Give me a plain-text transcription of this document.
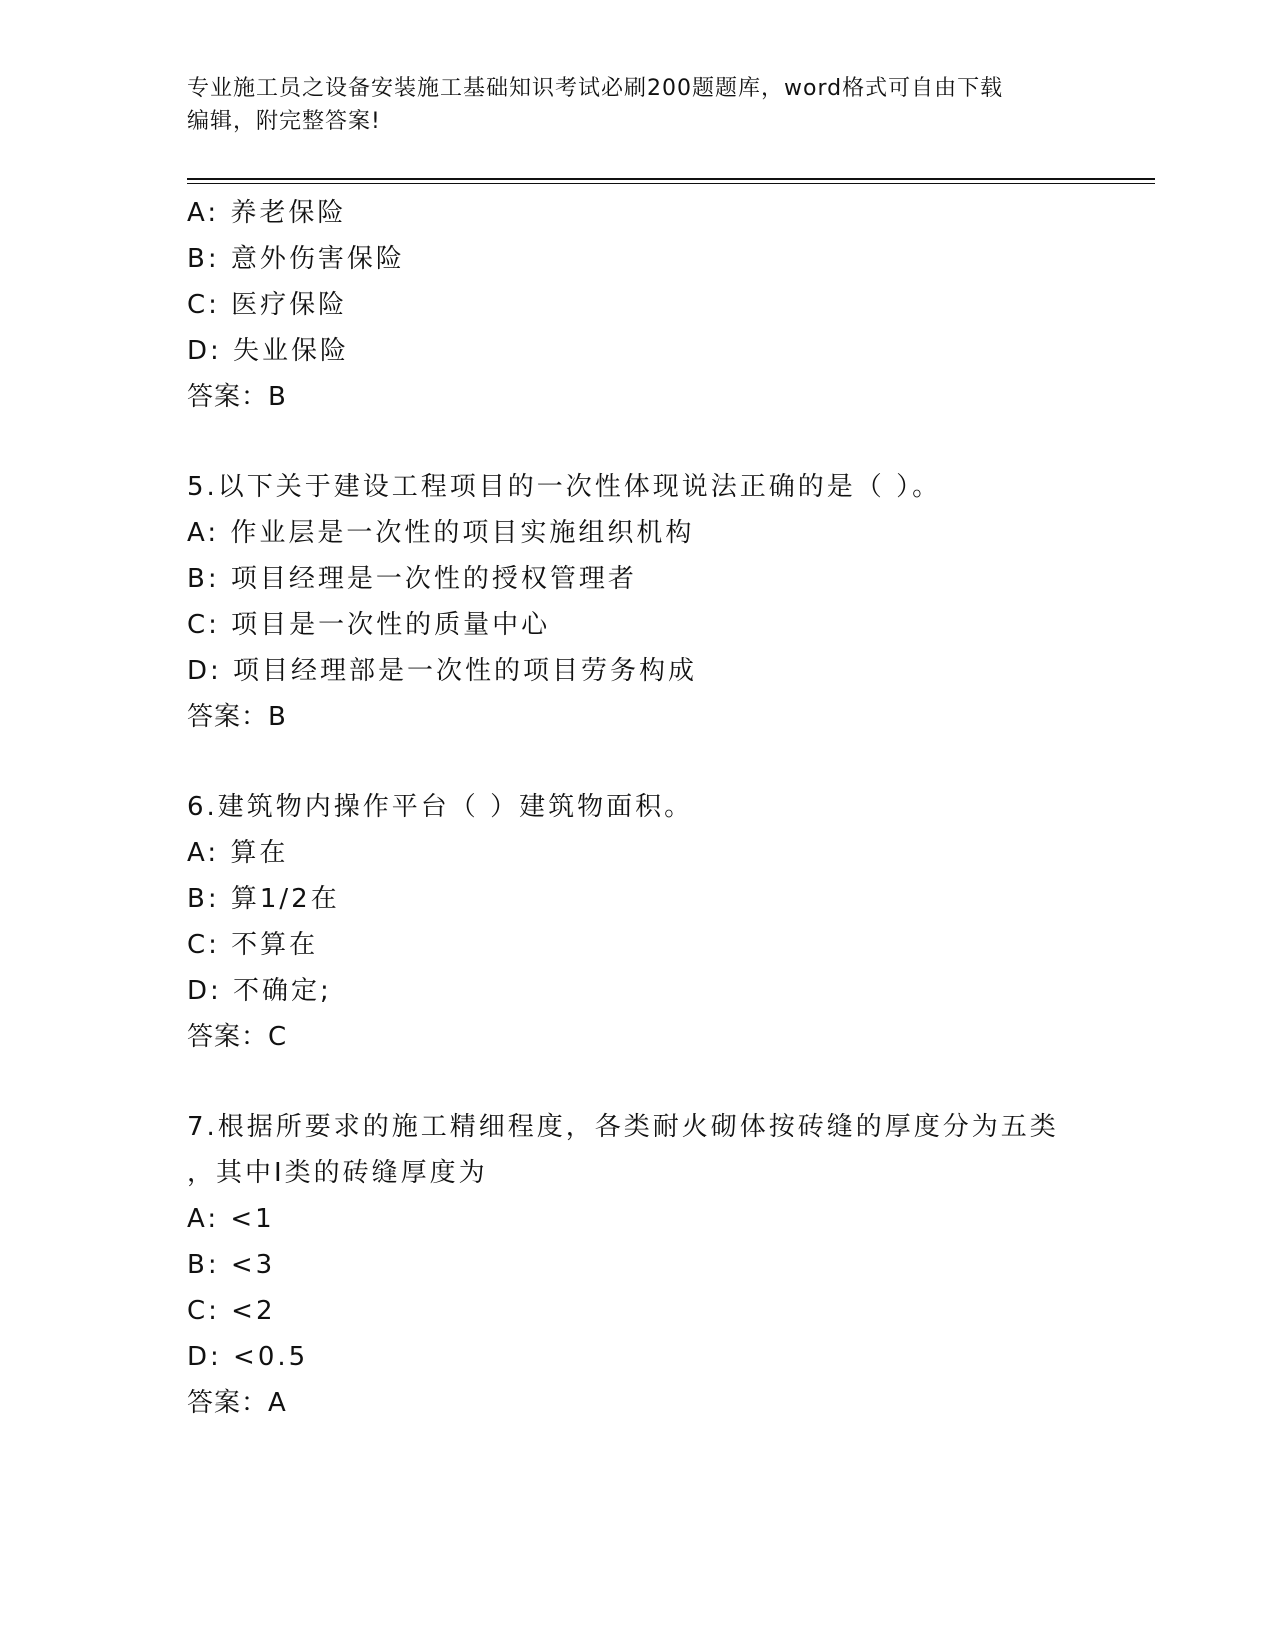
专业施工员之设备安装施工基础知识考试必刷200题题库，word格式可自由下载
编辑，附完整答案!
A: 养老保险
B: 意外伤害保险
C: 医疗保险
D: 失业保险
答案：B
5.以下关于建设工程项目的一次性体现说法正确的是（ ）。
A: 作业层是一次性的项目实施组织机构
B: 项目经理是一次性的授权管理者
C: 项目是一次性的质量中心
D: 项目经理部是一次性的项目劳务构成
答案：B
6.建筑物内操作平台（ ）建筑物面积。
A: 算在
B: 算1/2在
C: 不算在
D: 不确定;
答案：C
7.根据所要求的施工精细程度，各类耐火砌体按砖缝的厚度分为五类
，其中I类的砖缝厚度为
A: <1
B: <3
C: <2
D: <0.5
答案：A
